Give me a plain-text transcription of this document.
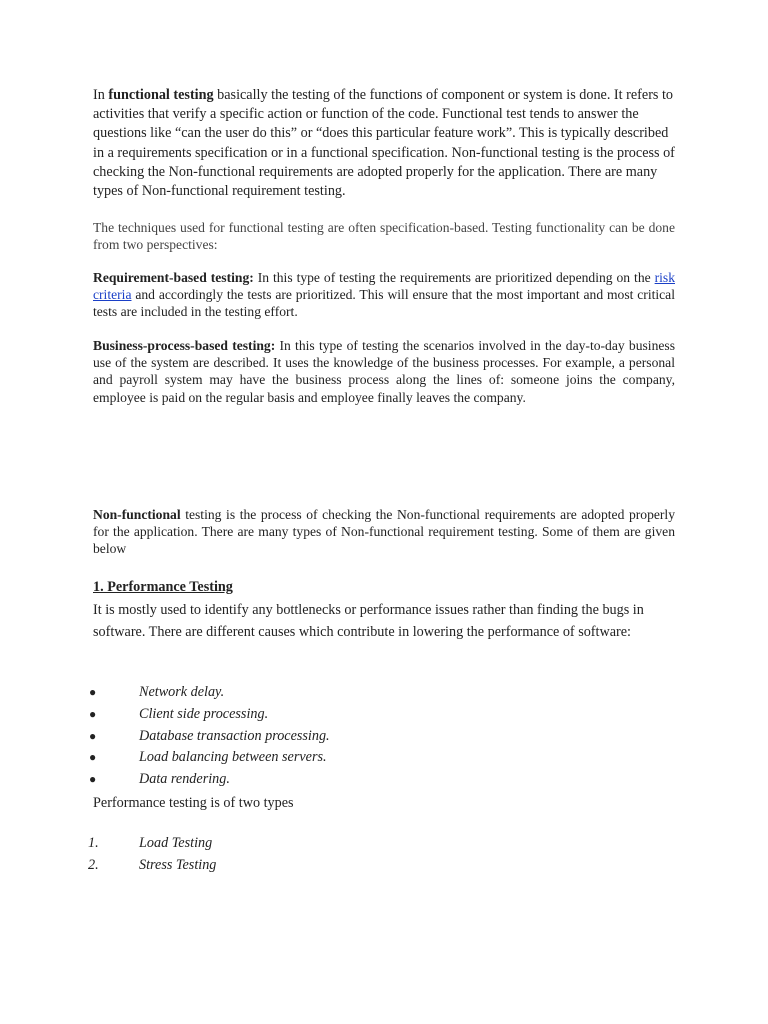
In functional testing basically the testing of the functions of component or system is done. It refers to activities that verify a specific action or function of the code. Functional test tends to answer the questions like “can the user do this” or “does this particular feature work”. This is typically described in a requirements specification or in a functional specification. Non-functional testing is the process of checking the Non-functional requirements are adopted properly for the application. There are many types of Non-functional requirement testing.

The techniques used for functional testing are often specification-based. Testing functionality can be done from two perspectives:

Requirement-based testing: In this type of testing the requirements are prioritized depending on the risk criteria and accordingly the tests are prioritized. This will ensure that the most important and most critical tests are included in the testing effort.

Business-process-based testing: In this type of testing the scenarios involved in the day-to-day business use of the system are described. It uses the knowledge of the business processes. For example, a personal and payroll system may have the business process along the lines of: someone joins the company, employee is paid on the regular basis and employee finally leaves the company.

Non-functional testing is the process of checking the Non-functional requirements are adopted properly for the application. There are many types of Non-functional requirement testing. Some of them are given below

1. Performance Testing

It is mostly used to identify any bottlenecks or performance issues rather than finding the bugs in software. There are different causes which contribute in lowering the performance of software:

●	Network delay.
●	Client side processing.
●	Database transaction processing.
●	Load balancing between servers.
●	Data rendering.

Performance testing is of two types

1.	Load Testing
2.	Stress Testing
